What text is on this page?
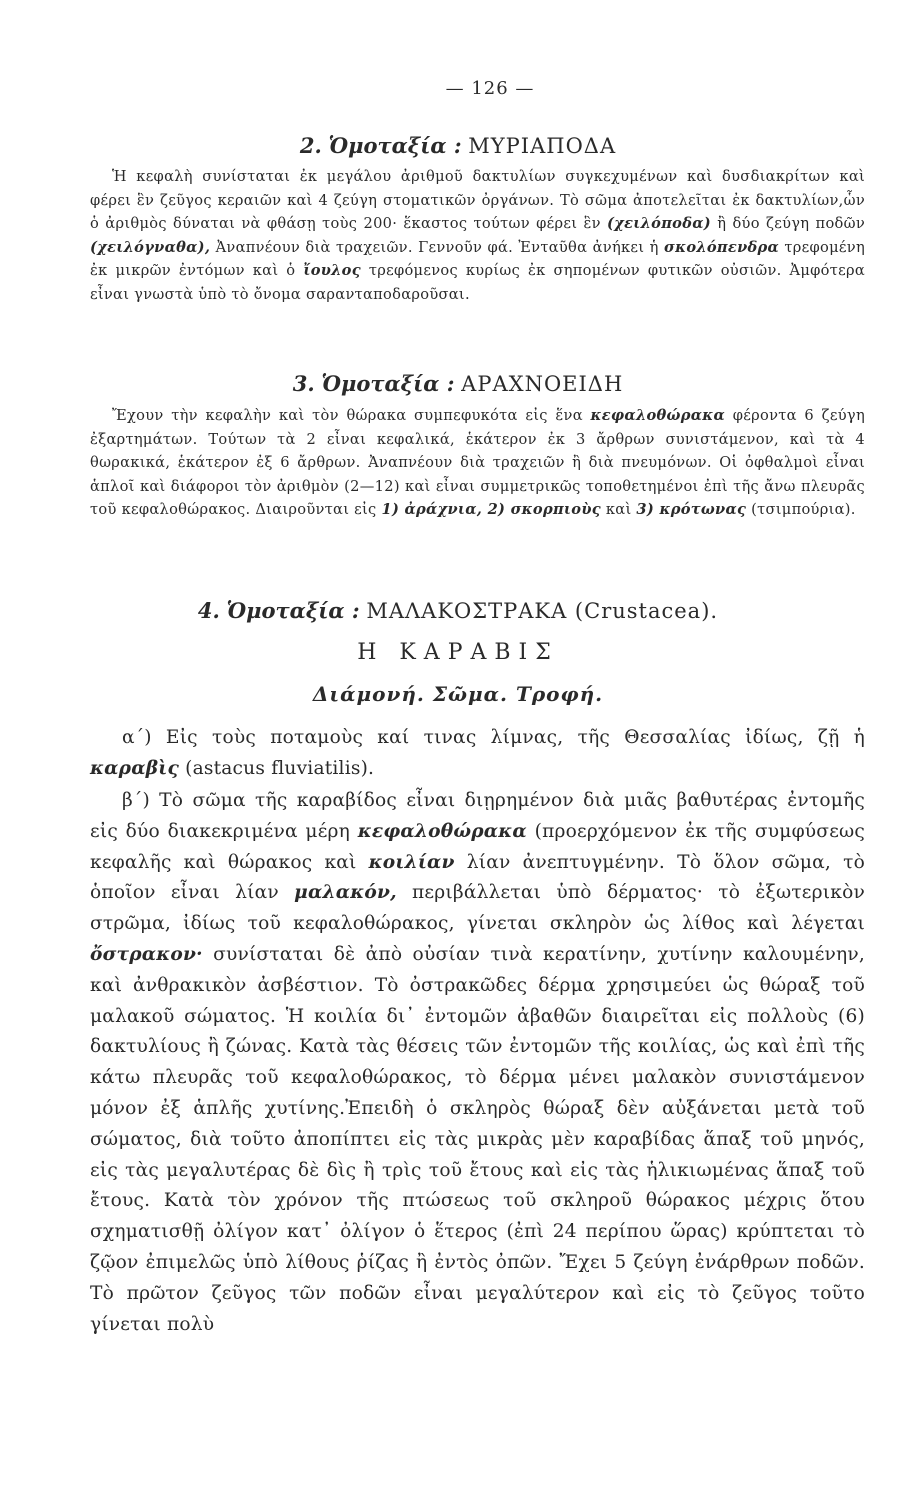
— 126 —
2. Ὁμοταξία : ΜΥΡΙΑΠΟΔΑ
Ἡ κεφαλὴ συνίσταται ἐκ μεγάλου ἀριθμοῦ δακτυλίων συγκεχυμένων καὶ δυσδιακρίτων καὶ φέρει ἓν ζεῦγος κεραιῶν καὶ 4 ζεύγη στοματικῶν ὀργάνων. Τὸ σῶμα ἀποτελεῖται ἐκ δακτυλίων,ὧν ὁ ἀριθμὸς δύναται νὰ φθάσῃ τοὺς 200· ἕκαστος τούτων φέρει ἓν (χειλόποδα) ἢ δύο ζεύγη ποδῶν (χειλόγναθα), Ἀναπνέουν διὰ τραχειῶν. Γεννοῦν φά. Ἐνταῦθα ἀνήκει ἡ σκολόπενδρα τρεφομένη ἐκ μικρῶν ἐντόμων καὶ ὁ ἴουλος τρεφόμενος κυρίως ἐκ σηπομένων φυτικῶν οὐσιῶν. Ἀμφότερα εἶναι γνωστὰ ὑπὸ τὸ ὄνομα σαρανταποδαροῦσαι.
3. Ὁμοταξία : ΑΡΑΧΝΟΕΙΔΗ
Ἔχουν τὴν κεφαλὴν καὶ τὸν θώρακα συμπεφυκότα εἰς ἕνα κεφαλοθώρακα φέροντα 6 ζεύγη ἐξαρτημάτων. Τούτων τὰ 2 εἶναι κεφαλικά, ἑκάτερον ἐκ 3 ἄρθρων συνιστάμενον, καὶ τὰ 4 θωρακικά, ἑκάτερον ἐξ 6 ἄρθρων. Ἀναπνέουν διὰ τραχειῶν ἢ διὰ πνευμόνων. Οἱ ὀφθαλμοὶ εἶναι ἁπλοῖ καὶ διάφοροι τὸν ἀριθμὸν (2—12) καὶ εἶναι συμμετρικῶς τοποθετημένοι ἐπὶ τῆς ἄνω πλευρᾶς τοῦ κεφαλοθώρακος. Διαιροῦνται εἰς 1) ἀράχνια, 2) σκορπιοὺς καὶ 3) κρότωνας (τσιμπούρια).
4. Ὁμοταξία : ΜΑΛΑΚΟΣΤΡΑΚΑ (Crustacea).
Η ΚΑΡΑΒΙΣ
Διάμονή. Σῶμα. Τροφή.
α΄) Εἰς τοὺς ποταμοὺς καί τινας λίμνας, τῆς Θεσσαλίας ἰδίως, ζῇ ἡ καραβὶς (astacus fluviatilis).
β΄) Τὸ σῶμα τῆς καραβίδος εἶναι διῃρημένον διὰ μιᾶς βαθυτέρας ἐντομῆς εἰς δύο διακεκριμένα μέρη κεφαλοθώρακα (προερχόμενον ἐκ τῆς συμφύσεως κεφαλῆς καὶ θώρακος καὶ κοιλίαν λίαν ἀνεπτυγμένην. Τὸ ὅλον σῶμα, τὸ ὁποῖον εἶναι λίαν μαλακόν, περιβάλλεται ὑπὸ δέρματος· τὸ ἐξωτερικὸν στρῶμα, ἰδίως τοῦ κεφαλοθώρακος, γίνεται σκληρὸν ὡς λίθος καὶ λέγεται ὄστρακον· συνίσταται δὲ ἀπὸ οὐσίαν τινὰ κερατίνην, χυτίνην καλουμένην, καὶ ἀνθρακικὸν ἀσβέστιον. Τὸ ὀστρακῶδες δέρμα χρησιμεύει ὡς θώραξ τοῦ μαλακοῦ σώματος. Ἡ κοιλία δι᾿ ἐντομῶν ἀβαθῶν διαιρεῖται εἰς πολλοὺς (6) δακτυλίους ἢ ζώνας. Κατὰ τὰς θέσεις τῶν ἐντομῶν τῆς κοιλίας, ὡς καὶ ἐπὶ τῆς κάτω πλευρᾶς τοῦ κεφαλοθώρακος, τὸ δέρμα μένει μαλακὸν συνιστάμενον μόνον ἐξ ἁπλῆς χυτίνης.Ἐπειδὴ ὁ σκληρὸς θώραξ δὲν αὐξάνεται μετὰ τοῦ σώματος, διὰ τοῦτο ἀποπίπτει εἰς τὰς μικρὰς μὲν καραβίδας ἅπαξ τοῦ μηνός, εἰς τὰς μεγαλυτέρας δὲ δὶς ἢ τρὶς τοῦ ἔτους καὶ εἰς τὰς ἡλικιωμένας ἅπαξ τοῦ ἔτους. Κατὰ τὸν χρόνον τῆς πτώσεως τοῦ σκληροῦ θώρακος μέχρις ὅτου σχηματισθῇ ὀλίγον κατ᾿ ὀλίγον ὁ ἕτερος (ἐπὶ 24 περίπου ὥρας) κρύπτεται τὸ ζῷον ἐπιμελῶς ὑπὸ λίθους ῥίζας ἢ ἐντὸς ὀπῶν. Ἔχει 5 ζεύγη ἐνάρθρων ποδῶν. Τὸ πρῶτον ζεῦγος τῶν ποδῶν εἶναι μεγαλύτερον καὶ εἰς τὸ ζεῦγος τοῦτο γίνεται πολὺ
